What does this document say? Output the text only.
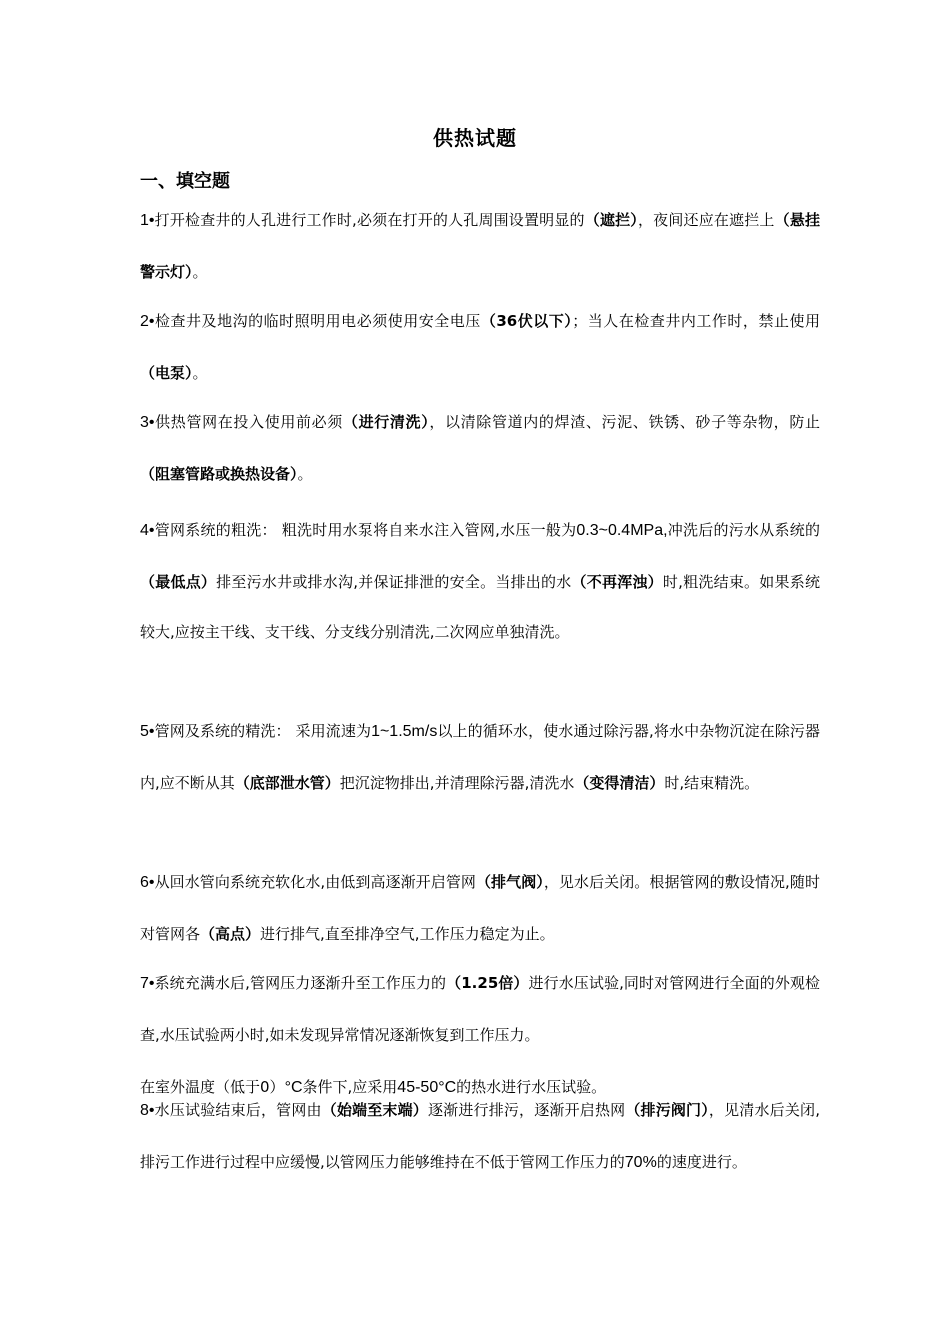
供热试题
一、填空题

1•打开检查井的人孔进行工作时,必须在打开的人孔周围设置明显的（遮拦），夜间还应在遮拦上（悬挂警示灯）。

2•检查井及地沟的临时照明用电必须使用安全电压（36伏以下）；当人在检查井内工作时，禁止使用（电泵）。

3•供热管网在投入使用前必须（进行清洗），以清除管道内的焊渣、污泥、铁锈、砂子等杂物，防止（阻塞管路或换热设备）。

4•管网系统的粗洗： 粗洗时用水泵将自来水注入管网,水压一般为0.3~0.4MPa,冲洗后的污水从系统的（最低点）排至污水井或排水沟,并保证排泄的安全。当排出的水（不再浑浊）时,粗洗结束。如果系统较大,应按主干线、支干线、分支线分别清洗,二次网应单独清洗。

5•管网及系统的精洗： 采用流速为1~1.5m/s以上的循环水，使水通过除污器,将水中杂物沉淀在除污器内,应不断从其（底部泄水管）把沉淀物排出,并清理除污器,清洗水（变得清洁）时,结束精洗。

6•从回水管向系统充软化水,由低到高逐渐开启管网（排气阀），见水后关闭。根据管网的敷设情况,随时对管网各（高点）进行排气,直至排净空气,工作压力稳定为止。

7•系统充满水后,管网压力逐渐升至工作压力的（1.25倍）进行水压试验,同时对管网进行全面的外观检查,水压试验两小时,如未发现异常情况逐渐恢复到工作压力。

在室外温度（低于0）°C条件下,应采用45-50°C的热水进行水压试验。

8•水压试验结束后，管网由（始端至末端）逐渐进行排污，逐渐开启热网（排污阀门），见清水后关闭,排污工作进行过程中应缓慢,以管网压力能够维持在不低于管网工作压力的70%的速度进行。
